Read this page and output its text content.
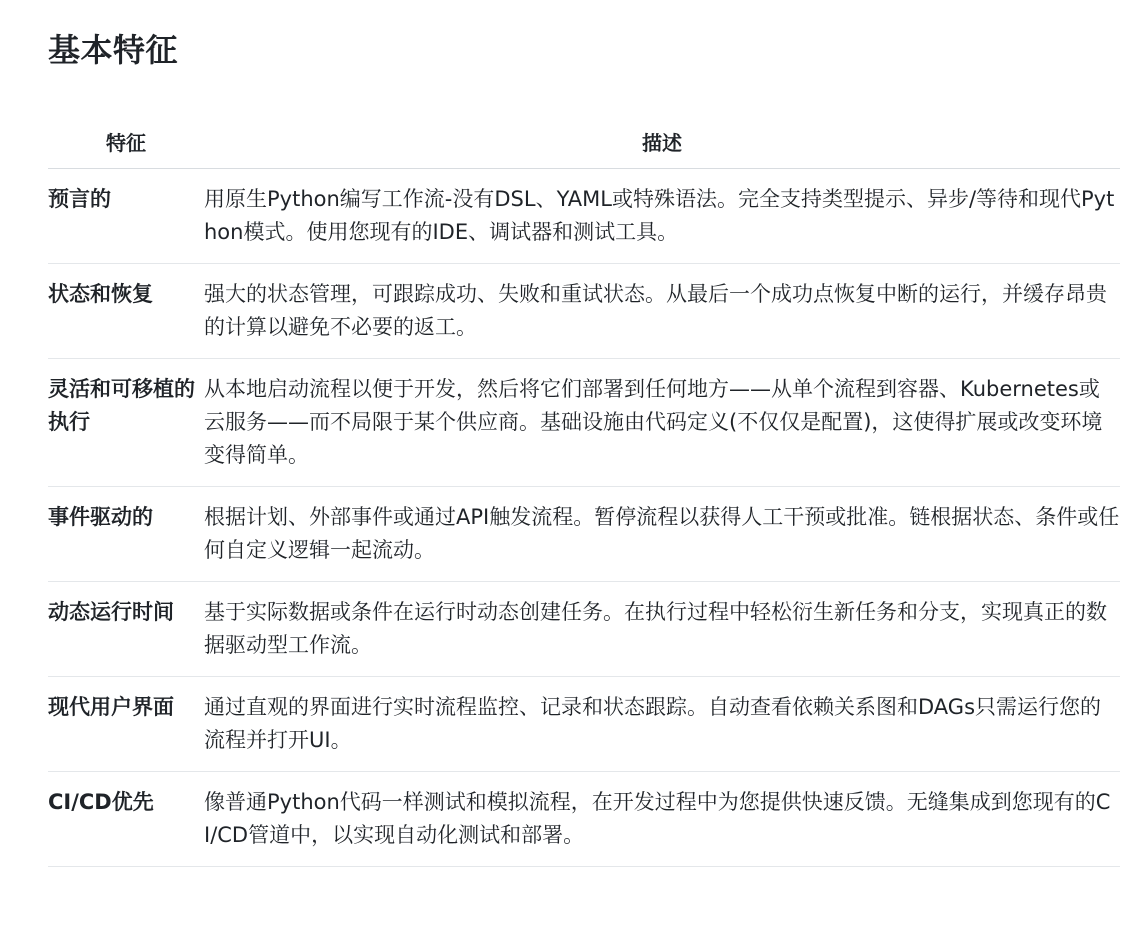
基本特征
特征	描述
预言的	用原生Python编写工作流-没有DSL、YAML或特殊语法。完全支持类型提示、异步/等待和现代Python模式。使用您现有的IDE、调试器和测试工具。
状态和恢复	强大的状态管理，可跟踪成功、失败和重试状态。从最后一个成功点恢复中断的运行，并缓存昂贵的计算以避免不必要的返工。
灵活和可移植的执行	从本地启动流程以便于开发，然后将它们部署到任何地方——从单个流程到容器、Kubernetes或云服务——而不局限于某个供应商。基础设施由代码定义(不仅仅是配置)，这使得扩展或改变环境变得简单。
事件驱动的	根据计划、外部事件或通过API触发流程。暂停流程以获得人工干预或批准。链根据状态、条件或任何自定义逻辑一起流动。
动态运行时间	基于实际数据或条件在运行时动态创建任务。在执行过程中轻松衍生新任务和分支，实现真正的数据驱动型工作流。
现代用户界面	通过直观的界面进行实时流程监控、记录和状态跟踪。自动查看依赖关系图和DAGs只需运行您的流程并打开UI。
CI/CD优先	像普通Python代码一样测试和模拟流程，在开发过程中为您提供快速反馈。无缝集成到您现有的CI/CD管道中，以实现自动化测试和部署。
